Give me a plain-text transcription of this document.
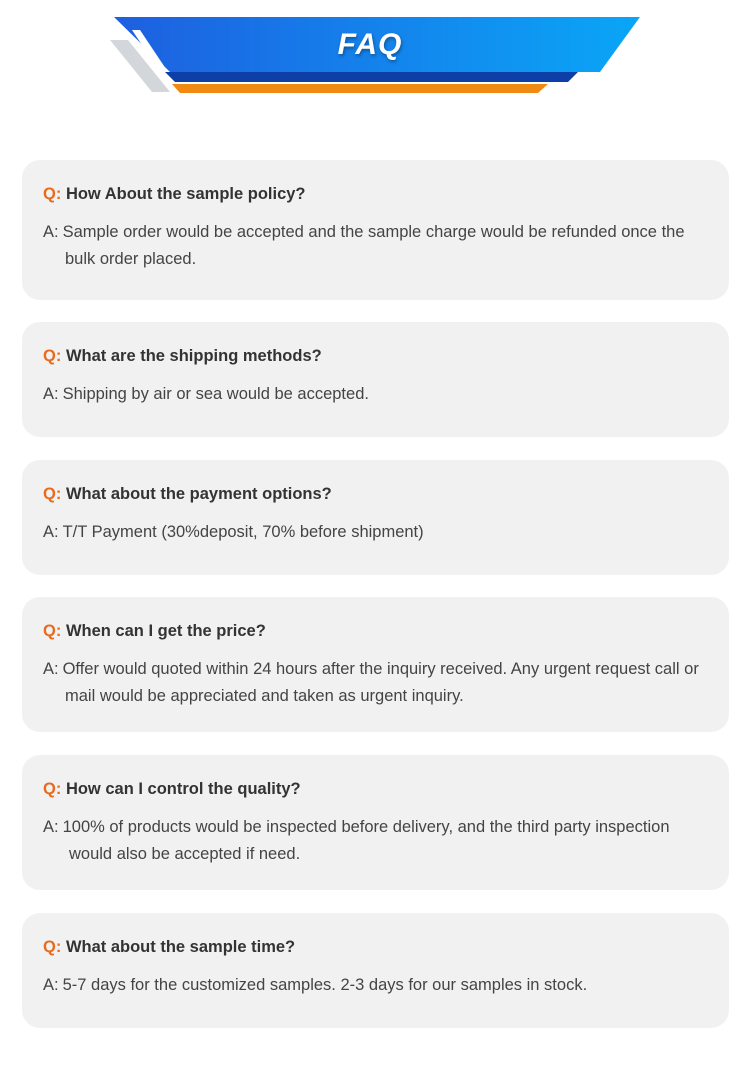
FAQ
Q: How About the sample policy?
A: Sample order would be accepted and the sample charge would be refunded once the
bulk order placed.
Q: What are the shipping methods?
A: Shipping by air or sea would be accepted.
Q: What about the payment options?
A: T/T Payment (30%deposit, 70% before shipment)
Q: When can I get the price?
A: Offer would quoted within 24 hours after the inquiry received. Any urgent request call or
mail would be appreciated and taken as urgent inquiry.
Q: How can I control the quality?
A: 100% of products would be inspected before delivery, and the third party inspection
would also be accepted if need.
Q: What about the sample time?
A: 5-7 days for the customized samples. 2-3 days for our samples in stock.
